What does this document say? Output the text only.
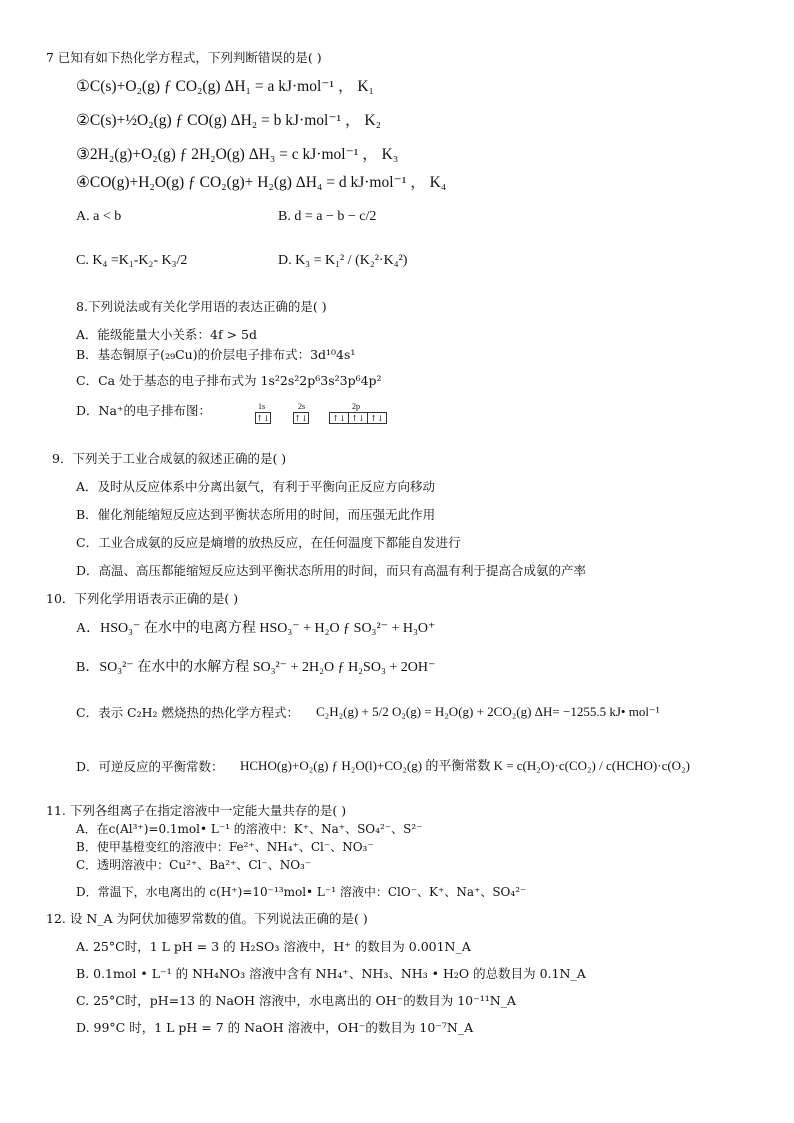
7 已知有如下热化学方程式，下列判断错误的是( )
①C(s)+O₂(g) ƒ CO₂(g) ΔH₁ = a kJ·mol⁻¹ ， K₁
②C(s)+½O₂(g) ƒ CO(g) ΔH₂ = b kJ·mol⁻¹ ， K₂
③2H₂(g)+O₂(g) ƒ 2H₂O(g) ΔH₃ = c kJ·mol⁻¹ ， K₃
④CO(g)+H₂O(g) ƒ CO₂(g)+ H₂(g) ΔH₄ = d kJ·mol⁻¹ ， K₄
A. a < b	B. d = a − b − c/2
C. K₄ =K₁-K₂- K₃/2	D. K₃ = K₁² / (K₂²·K₄²)
8.下列说法或有关化学用语的表达正确的是( )
A．能级能量大小关系：4f > 5d
B．基态铜原子(₂₉Cu)的价层电子排布式：3d¹⁰4s¹
C．Ca 处于基态的电子排布式为 1s²2s²2p⁶3s²3p⁶4p²
D．Na⁺的电子排布图：	1s	2s	2p
↑↓	↑↓	↑↓ ↑↓ ↑↓
9．下列关于工业合成氨的叙述正确的是( )
A．及时从反应体系中分离出氨气，有利于平衡向正反应方向移动
B．催化剂能缩短反应达到平衡状态所用的时间，而压强无此作用
C．工业合成氨的反应是熵增的放热反应，在任何温度下都能自发进行
D．高温、高压都能缩短反应达到平衡状态所用的时间，而只有高温有利于提高合成氨的产率
10．下列化学用语表示正确的是( )
A．HSO₃⁻ 在水中的电离方程 HSO₃⁻ + H₂O ƒ SO₃²⁻ + H₃O⁺
B．SO₃²⁻ 在水中的水解方程 SO₃²⁻ + 2H₂O ƒ H₂SO₃ + 2OH⁻
C．表示 C₂H₂ 燃烧热的热化学方程式： C₂H₂(g) + 5/2 O₂(g) = H₂O(g) + 2CO₂(g) ΔH= −1255.5 kJ• mol⁻¹
D．可逆反应的平衡常数： HCHO(g)+O₂(g) ƒ H₂O(l)+CO₂(g) 的平衡常数 K = c(H₂O)·c(CO₂) / c(HCHO)·c(O₂)
11. 下列各组离子在指定溶液中一定能大量共存的是( )
A．在c(Al³⁺)=0.1mol• L⁻¹ 的溶液中：K⁺、Na⁺、SO₄²⁻、S²⁻
B．使甲基橙变红的溶液中：Fe²⁺、NH₄⁺、Cl⁻、NO₃⁻
C．透明溶液中：Cu²⁺、Ba²⁺、Cl⁻、NO₃⁻
D．常温下，水电离出的 c(H⁺)=10⁻¹³mol• L⁻¹ 溶液中：ClO⁻、K⁺、Na⁺、SO₄²⁻
12. 设 N_A 为阿伏加德罗常数的值。下列说法正确的是( )
A. 25°C时，1 L pH = 3 的 H₂SO₃ 溶液中，H⁺ 的数目为 0.001N_A
B. 0.1mol • L⁻¹ 的 NH₄NO₃ 溶液中含有 NH₄⁺、NH₃、NH₃ • H₂O 的总数目为 0.1N_A
C. 25°C时，pH=13 的 NaOH 溶液中，水电离出的 OH⁻的数目为 10⁻¹¹N_A
D. 99°C 时，1 L pH = 7 的 NaOH 溶液中，OH⁻的数目为 10⁻⁷N_A
